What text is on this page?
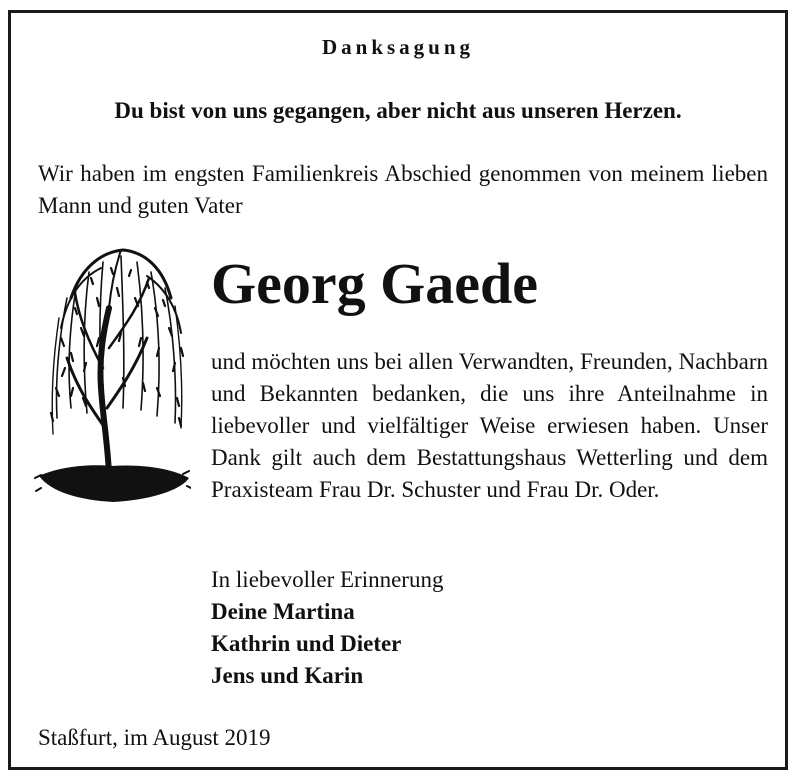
Danksagung

Du bist von uns gegangen, aber nicht aus unseren Herzen.

Wir haben im engsten Familienkreis Abschied genommen von meinem lieben Mann und guten Vater

Georg Gaede

und möchten uns bei allen Verwandten, Freunden, Nachbarn und Bekannten bedanken, die uns ihre Anteilnahme in liebevoller und vielfältiger Weise erwiesen haben. Unser Dank gilt auch dem Bestattungshaus Wetterling und dem Praxisteam Frau Dr. Schuster und Frau Dr. Oder.

In liebevoller Erinnerung

Deine Martina

Kathrin und Dieter

Jens und Karin

Staßfurt, im August 2019
